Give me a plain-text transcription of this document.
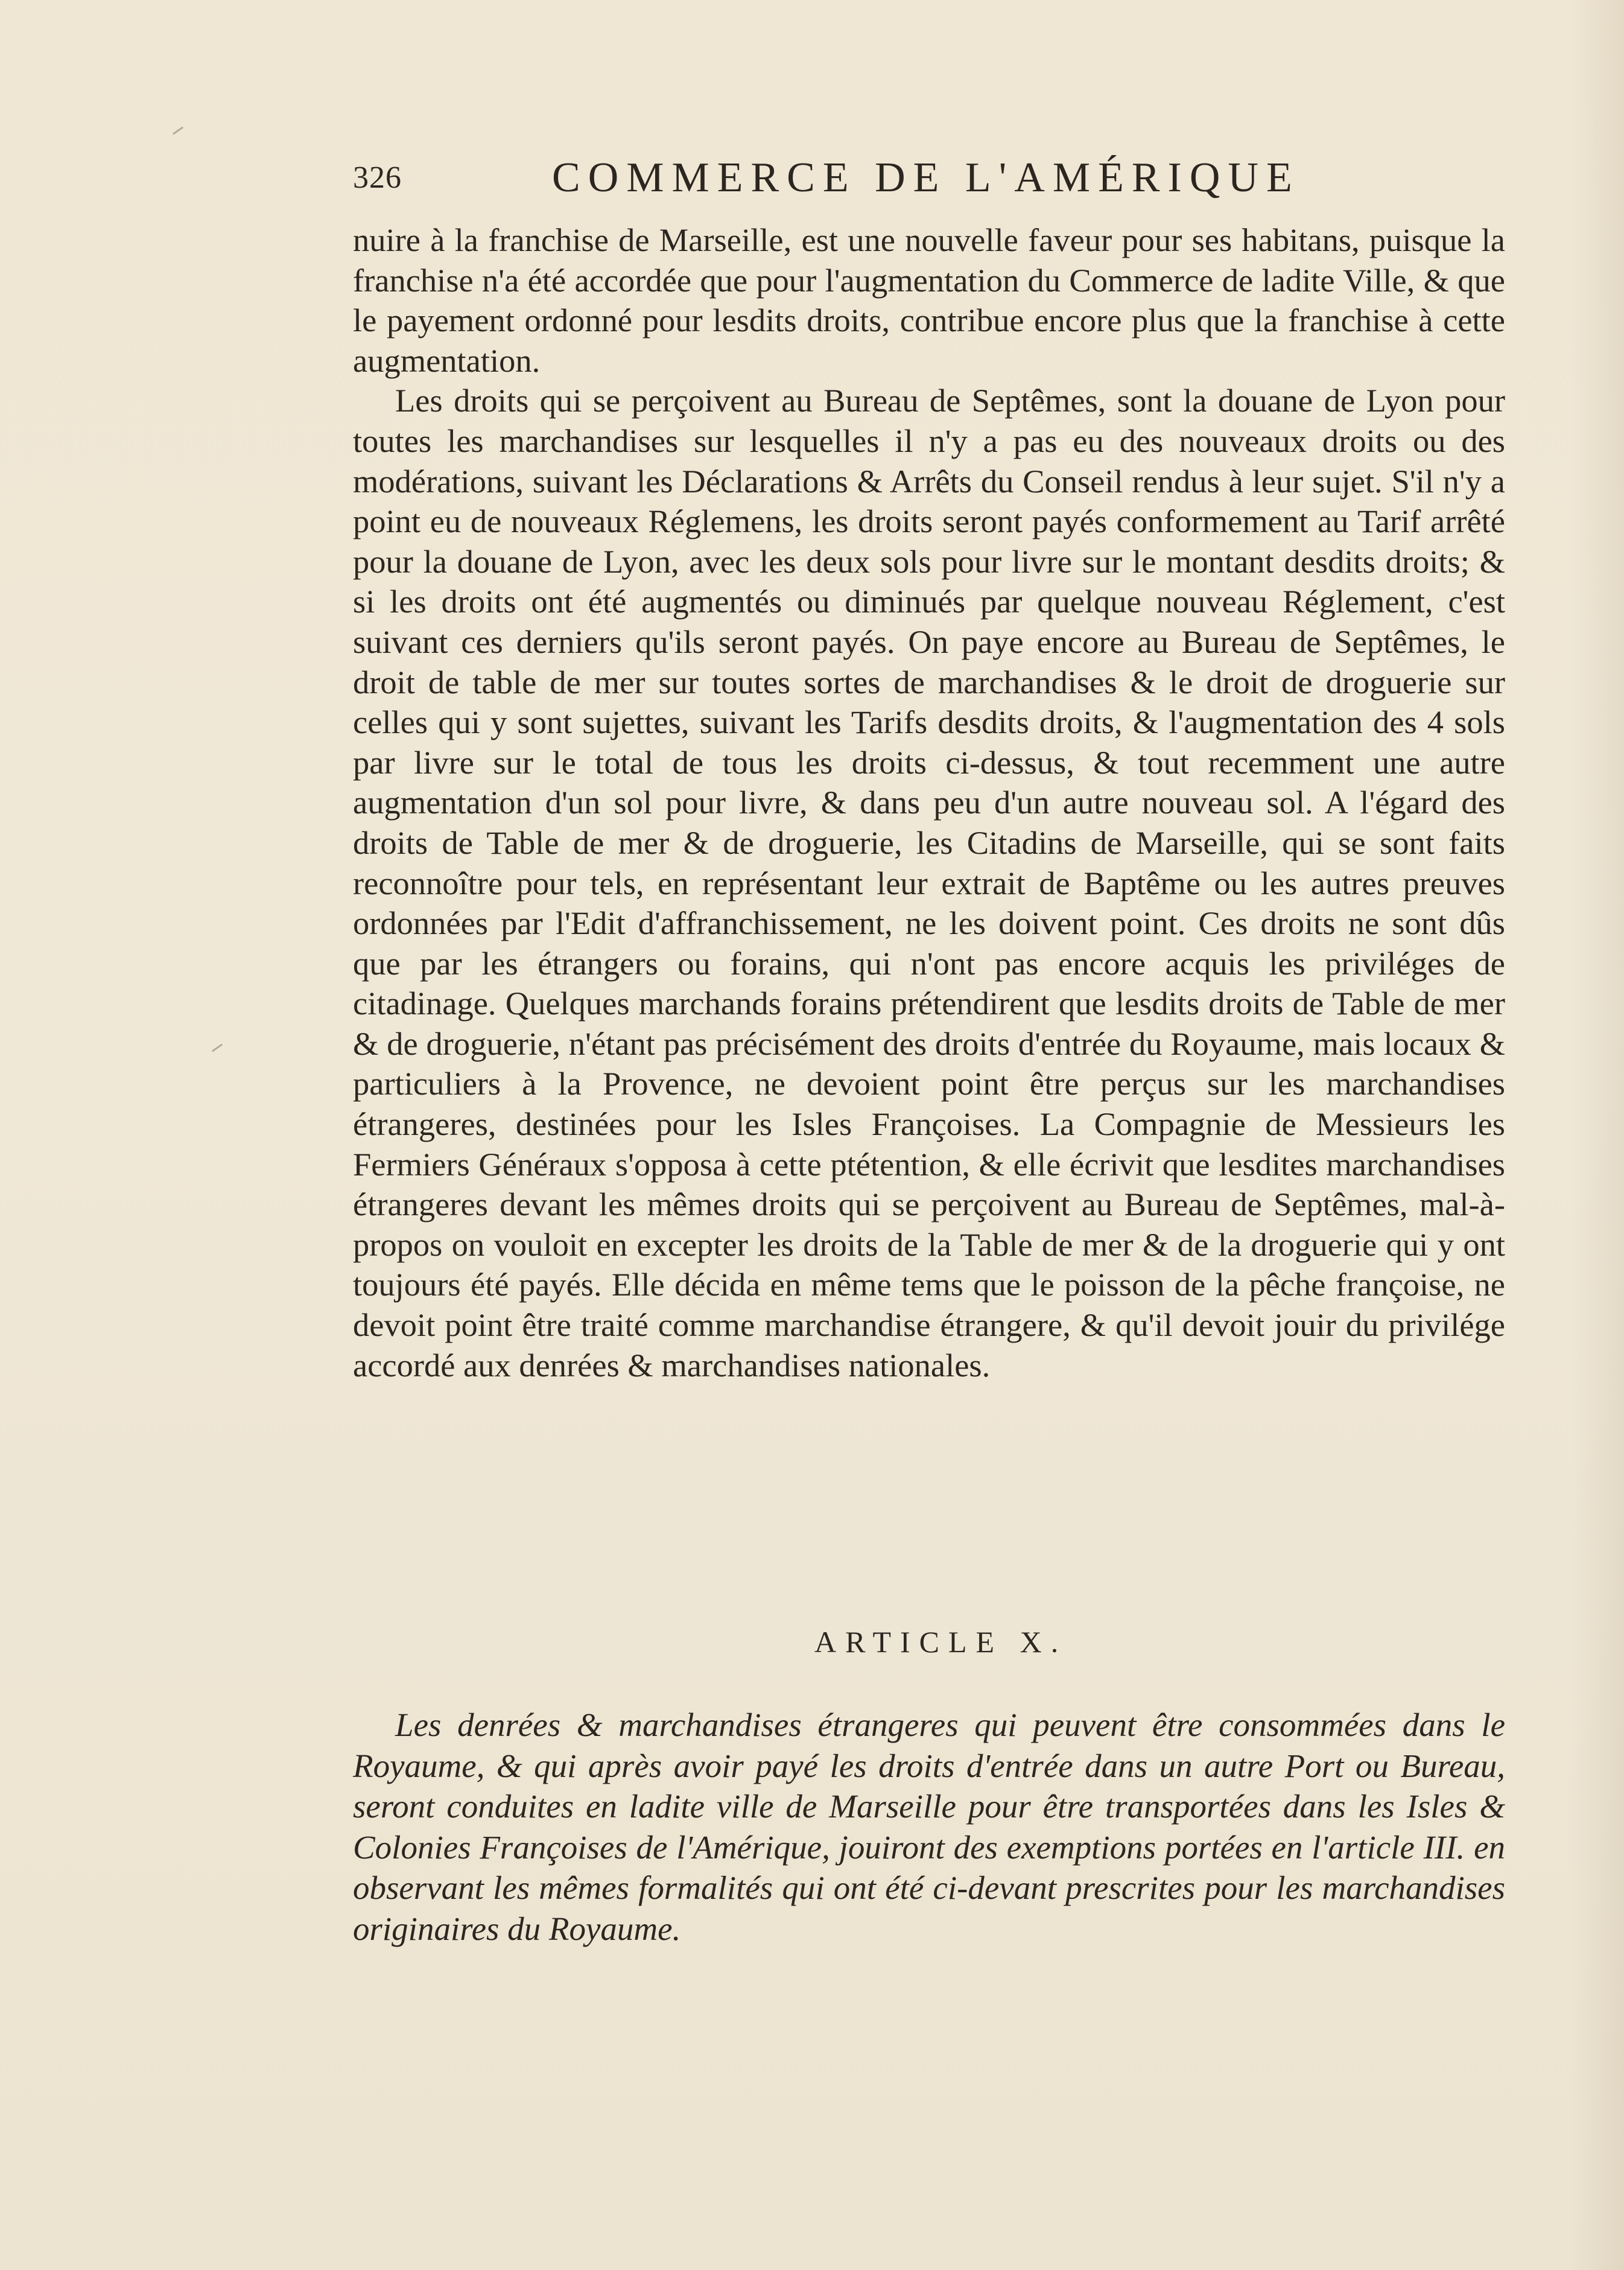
326	COMMERCE DE L'AMÉRIQUE

nuire à la franchise de Marseille, est une nouvelle faveur pour ses habitans, puisque la franchise n'a été accordée que pour l'augmentation du Commerce de ladite Ville, & que le payement ordonné pour lesdits droits, contribue encore plus que la franchise à cette augmentation.

Les droits qui se perçoivent au Bureau de Septêmes, sont la douane de Lyon pour toutes les marchandises sur lesquelles il n'y a pas eu des nouveaux droits ou des modérations, suivant les Déclarations & Arrêts du Conseil rendus à leur sujet. S'il n'y a point eu de nouveaux Réglemens, les droits seront payés conformement au Tarif arrêté pour la douane de Lyon, avec les deux sols pour livre sur le montant desdits droits; & si les droits ont été augmentés ou diminués par quelque nouveau Réglement, c'est suivant ces derniers qu'ils seront payés. On paye encore au Bureau de Septêmes, le droit de table de mer sur toutes sortes de marchandises & le droit de droguerie sur celles qui y sont sujettes, suivant les Tarifs desdits droits, & l'augmentation des 4 sols par livre sur le total de tous les droits ci-dessus, & tout recemment une autre augmentation d'un sol pour livre, & dans peu d'un autre nouveau sol. A l'égard des droits de Table de mer & de droguerie, les Citadins de Marseille, qui se sont faits reconnoître pour tels, en représentant leur extrait de Baptême ou les autres preuves ordonnées par l'Edit d'affranchissement, ne les doivent point. Ces droits ne sont dûs que par les étrangers ou forains, qui n'ont pas encore acquis les priviléges de citadinage. Quelques marchands forains prétendirent que lesdits droits de Table de mer & de droguerie, n'étant pas précisément des droits d'entrée du Royaume, mais locaux & particuliers à la Provence, ne devoient point être perçus sur les marchandises étrangeres, destinées pour les Isles Françoises. La Compagnie de Messieurs les Fermiers Généraux s'opposa à cette ptétention, & elle écrivit que lesdites marchandises étrangeres devant les mêmes droits qui se perçoivent au Bureau de Septêmes, mal-à-propos on vouloit en excepter les droits de la Table de mer & de la droguerie qui y ont toujours été payés. Elle décida en même tems que le poisson de la pêche françoise, ne devoit point être traité comme marchandise étrangere, & qu'il devoit jouir du privilége accordé aux denrées & marchandises nationales.

ARTICLE X.

Les denrées & marchandises étrangeres qui peuvent être consommées dans le Royaume, & qui après avoir payé les droits d'entrée dans un autre Port ou Bureau, seront conduites en ladite ville de Marseille pour être transportées dans les Isles & Colonies Françoises de l'Amérique, jouiront des exemptions portées en l'article III. en observant les mêmes formalités qui ont été ci-devant prescrites pour les marchandises originaires du Royaume.
